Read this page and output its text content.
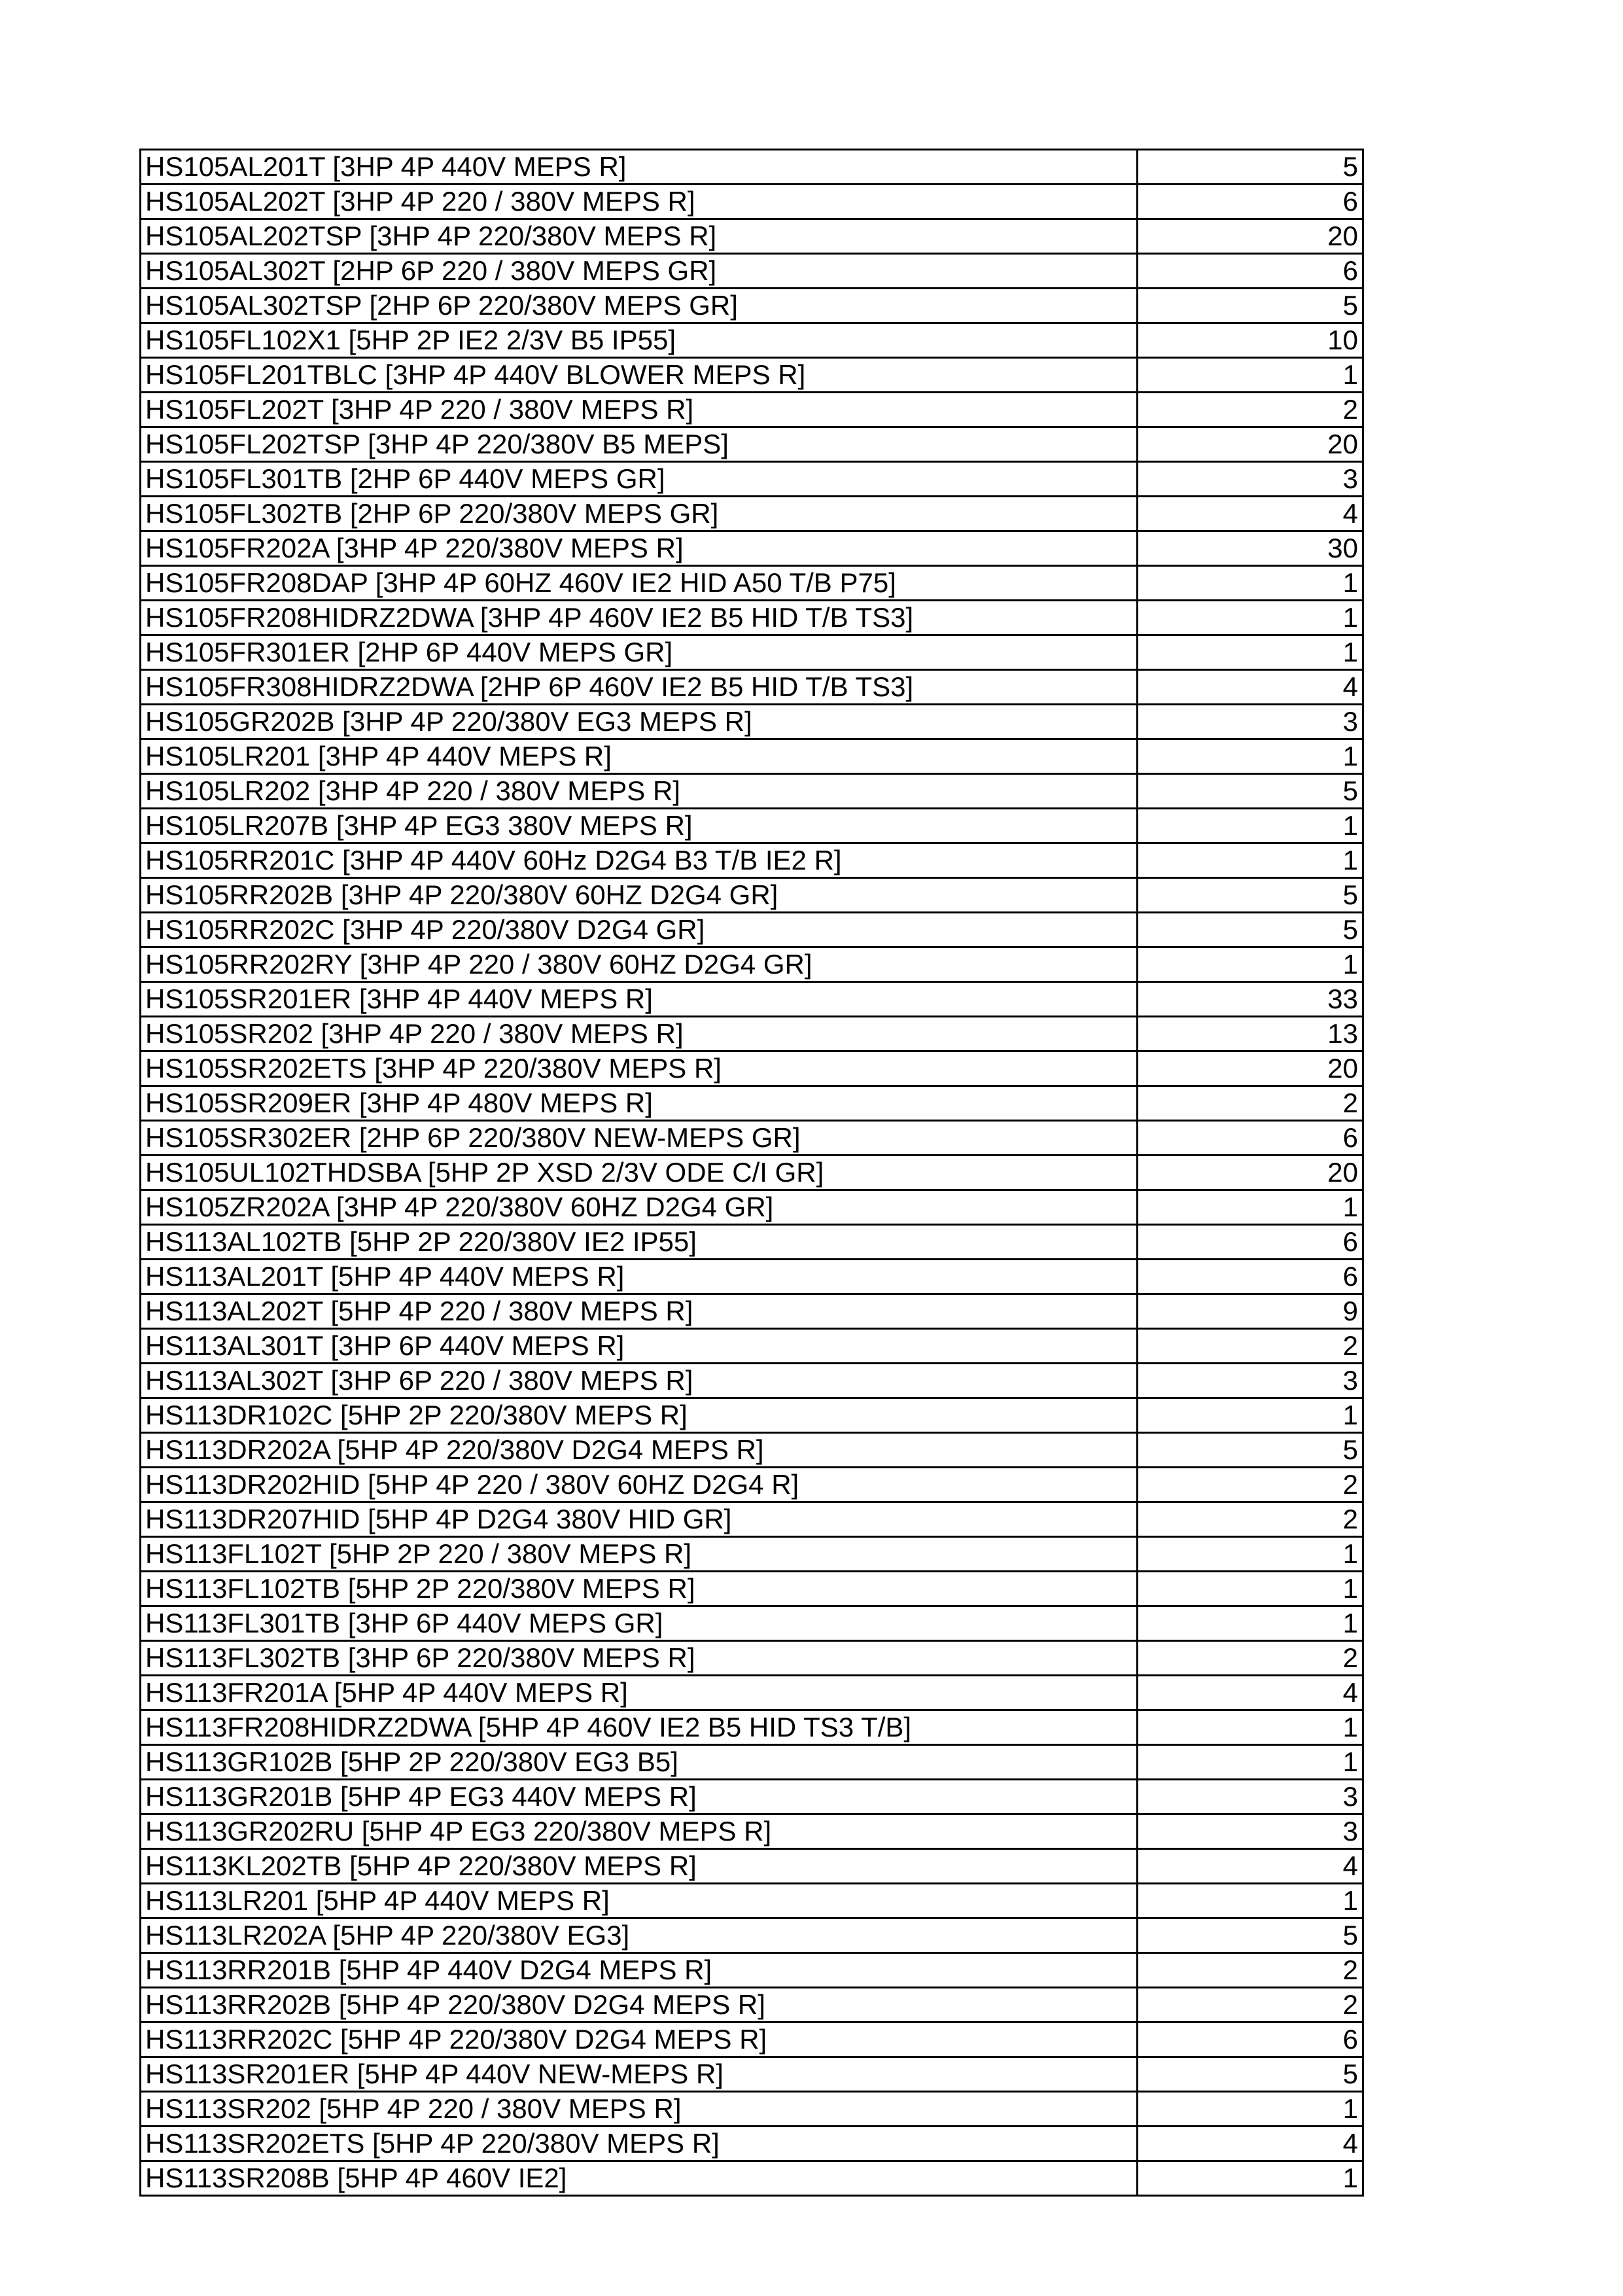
HS105AL201T [3HP 4P 440V MEPS R]	5
HS105AL202T [3HP 4P 220 / 380V MEPS R]	6
HS105AL202TSP [3HP 4P 220/380V MEPS R]	20
HS105AL302T [2HP 6P 220 / 380V MEPS GR]	6
HS105AL302TSP [2HP 6P 220/380V MEPS GR]	5
HS105FL102X1 [5HP 2P IE2 2/3V B5 IP55]	10
HS105FL201TBLC [3HP 4P 440V BLOWER MEPS R]	1
HS105FL202T [3HP 4P 220 / 380V MEPS R]	2
HS105FL202TSP [3HP 4P 220/380V B5 MEPS]	20
HS105FL301TB [2HP 6P 440V MEPS GR]	3
HS105FL302TB [2HP 6P 220/380V MEPS GR]	4
HS105FR202A [3HP 4P 220/380V MEPS R]	30
HS105FR208DAP [3HP 4P 60HZ 460V IE2 HID A50 T/B P75]	1
HS105FR208HIDRZ2DWA [3HP 4P 460V IE2 B5 HID T/B TS3]	1
HS105FR301ER [2HP 6P 440V MEPS GR]	1
HS105FR308HIDRZ2DWA [2HP 6P 460V IE2 B5 HID T/B TS3]	4
HS105GR202B [3HP 4P 220/380V EG3 MEPS R]	3
HS105LR201 [3HP 4P 440V MEPS R]	1
HS105LR202 [3HP 4P 220 / 380V MEPS R]	5
HS105LR207B [3HP 4P EG3 380V MEPS R]	1
HS105RR201C [3HP 4P 440V 60Hz D2G4 B3 T/B IE2 R]	1
HS105RR202B [3HP 4P 220/380V 60HZ D2G4 GR]	5
HS105RR202C [3HP 4P 220/380V D2G4 GR]	5
HS105RR202RY [3HP 4P 220 / 380V 60HZ D2G4 GR]	1
HS105SR201ER [3HP 4P 440V MEPS R]	33
HS105SR202 [3HP 4P 220 / 380V MEPS R]	13
HS105SR202ETS [3HP 4P 220/380V MEPS R]	20
HS105SR209ER [3HP 4P 480V MEPS R]	2
HS105SR302ER [2HP 6P 220/380V NEW-MEPS GR]	6
HS105UL102THDSBA [5HP 2P XSD 2/3V ODE C/I GR]	20
HS105ZR202A [3HP 4P 220/380V 60HZ D2G4 GR]	1
HS113AL102TB [5HP 2P 220/380V IE2 IP55]	6
HS113AL201T [5HP 4P 440V MEPS R]	6
HS113AL202T [5HP 4P 220 / 380V MEPS R]	9
HS113AL301T [3HP 6P 440V MEPS R]	2
HS113AL302T [3HP 6P 220 / 380V MEPS R]	3
HS113DR102C [5HP 2P 220/380V MEPS R]	1
HS113DR202A [5HP 4P 220/380V D2G4 MEPS R]	5
HS113DR202HID [5HP 4P 220 / 380V 60HZ D2G4 R]	2
HS113DR207HID [5HP 4P D2G4 380V HID GR]	2
HS113FL102T [5HP 2P 220 / 380V MEPS R]	1
HS113FL102TB [5HP 2P 220/380V MEPS R]	1
HS113FL301TB [3HP 6P 440V MEPS GR]	1
HS113FL302TB [3HP 6P 220/380V MEPS R]	2
HS113FR201A [5HP 4P 440V MEPS R]	4
HS113FR208HIDRZ2DWA [5HP 4P 460V IE2 B5 HID TS3 T/B]	1
HS113GR102B [5HP 2P 220/380V EG3 B5]	1
HS113GR201B [5HP 4P EG3 440V MEPS R]	3
HS113GR202RU [5HP 4P EG3 220/380V MEPS R]	3
HS113KL202TB [5HP 4P 220/380V MEPS R]	4
HS113LR201 [5HP 4P 440V MEPS R]	1
HS113LR202A [5HP 4P 220/380V EG3]	5
HS113RR201B [5HP 4P 440V D2G4 MEPS R]	2
HS113RR202B [5HP 4P 220/380V D2G4 MEPS R]	2
HS113RR202C [5HP 4P 220/380V D2G4 MEPS R]	6
HS113SR201ER [5HP 4P 440V NEW-MEPS R]	5
HS113SR202 [5HP 4P 220 / 380V MEPS R]	1
HS113SR202ETS [5HP 4P 220/380V MEPS R]	4
HS113SR208B [5HP 4P 460V IE2]	1
